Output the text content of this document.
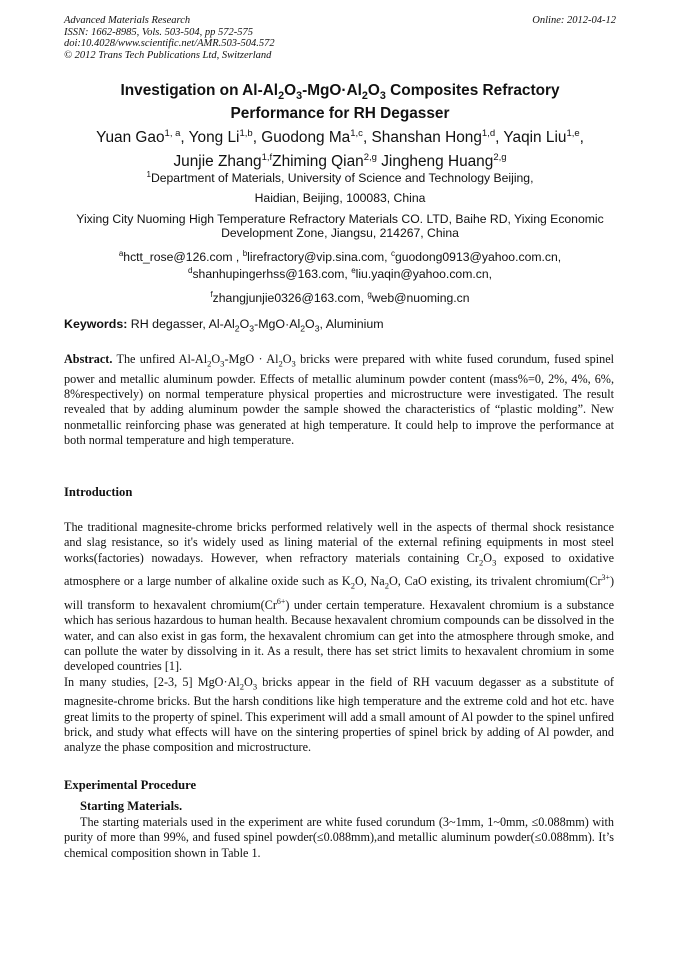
Advanced Materials Research
ISSN: 1662-8985, Vols. 503-504, pp 572-575
doi:10.4028/www.scientific.net/AMR.503-504.572
© 2012 Trans Tech Publications Ltd, Switzerland
Online: 2012-04-12
Investigation on $Al-Al_2O_3-MgO\cdot Al_2O_3$ Composites Refractory
Performance for RH Degasser
Yuan Gao$^{1, a}$, Yong Li$^{1,b}$, Guodong Ma$^{1,c}$, Shanshan Hong$^{1,d}$, Yaqin Liu$^{1,e}$,
Junjie Zhang$^{1,f}$Zhiming Qian$^{2,g}$ Jingheng Huang$^{2,g}$
$^1$Department of Materials, University of Science and Technology Beijing,
Haidian, Beijing, 100083, China
Yixing City Nuoming High Temperature Refractory Materials CO. LTD, Baihe RD, Yixing Economic
Development Zone, Jiangsu, 214267, China
$^a$hctt_rose@126.com , $^b$lirefractory@vip.sina.com, $^c$guodong0913@yahoo.com.cn,
$^d$shanhupingerhss@163.com, $^e$liu.yaqin@yahoo.com.cn,
$^f$zhangjunjie0326@163.com, $^g$web@nuoming.cn
Keywords: RH degasser, $Al-Al_2O_3-MgO\cdot Al_2O_3$, Aluminium
Abstract. The unfired $Al-Al_2O_3$-MgO · $Al_2O_3$ bricks were prepared with white fused corundum, fused spinel power and metallic aluminum powder. Effects of metallic aluminum powder content (mass%=0, 2%, 4%, 6%, 8%respectively) on normal temperature physical properties and microstructure were investigated. The result revealed that by adding aluminum powder the sample showed the characteristics of “plastic molding”. New nonmetallic reinforcing phase was generated at high temperature. It could help to improve the performance at both normal temperature and high temperature.
Introduction
The traditional magnesite-chrome bricks performed relatively well in the aspects of thermal shock resistance and slag resistance, so it's widely used as lining material of the external refining equipments in most steel works(factories) nowadays. However, when refractory materials containing $Cr_2O_3$ exposed to oxidative atmosphere or a large number of alkaline oxide such as $K_2O$, $Na_2O$, CaO existing, its trivalent $chromium(Cr^{3+})$ will transform to hexavalent $chromium(Cr^{6+})$ under certain temperature. Hexavalent chromium is a substance which has serious hazardous to human health. Because hexavalent chromium compounds can be dissolved in the water, and can also exist in gas form, the hexavalent chromium can get into the atmosphere through smoke, and can pollute the water by dissolving in it. As a result, there has set strict limits to hexavalent chromium in some developed countries [1].
In many studies, [2-3, 5] $MgO\cdot Al_2O_3$ bricks appear in the field of RH vacuum degasser as a substitute of magnesite-chrome bricks. But the harsh conditions like high temperature and the extreme cold and hot etc. have great limits to the property of spinel. This experiment will add a small amount of Al powder to the spinel unfired brick, and study what effects will have on the sintering properties of spinel brick by adding of Al powder, and analyze the phase composition and microstructure.
Experimental Procedure
Starting Materials.
The starting materials used in the experiment are white fused corundum (3~1mm, 1~0mm, ≤0.088mm) with purity of more than 99%, and fused spinel powder(≤0.088mm),and metallic aluminum powder(≤0.088mm). It’s chemical composition shown in Table 1.
